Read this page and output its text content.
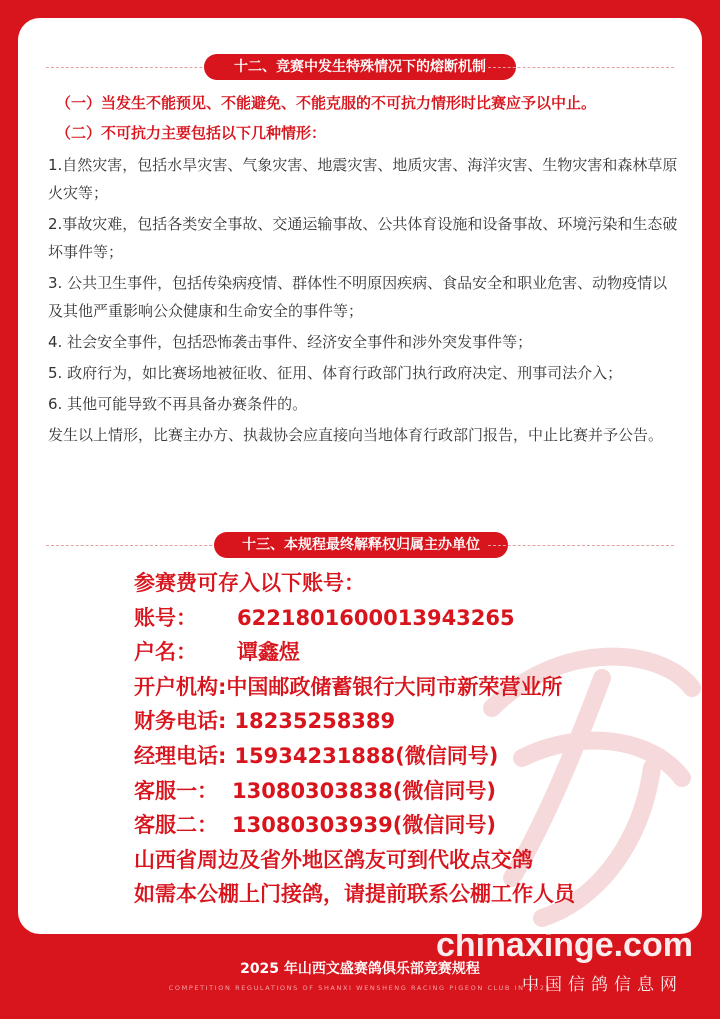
十二、竞赛中发生特殊情况下的熔断机制
（一）当发生不能预见、不能避免、不能克服的不可抗力情形时比赛应予以中止。
（二）不可抗力主要包括以下几种情形：

1.自然灾害，包括水旱灾害、气象灾害、地震灾害、地质灾害、海洋灾害、生物灾害和森林草原火灾等；

2.事故灾难，包括各类安全事故、交通运输事故、公共体育设施和设备事故、环境污染和生态破坏事件等；

3. 公共卫生事件，包括传染病疫情、群体性不明原因疾病、食品安全和职业危害、动物疫情以及其他严重影响公众健康和生命安全的事件等；

4. 社会安全事件，包括恐怖袭击事件、经济安全事件和涉外突发事件等；

5. 政府行为，如比赛场地被征收、征用、体育行政部门执行政府决定、刑事司法介入；

6. 其他可能导致不再具备办赛条件的。

发生以上情形，比赛主办方、执裁协会应直接向当地体育行政部门报告，中止比赛并予公告。

十三、本规程最终解释权归属主办单位
参赛费可存入以下账号：
账号： 6221801600013943265
户名： 谭鑫煜
开户机构:中国邮政储蓄银行大同市新荣营业所
财务电话: 18235258389
经理电话: 15934231888(微信同号)
客服一： 13080303838(微信同号)
客服二： 13080303939(微信同号)
山西省周边及省外地区鸽友可到代收点交鸽
如需本公棚上门接鸽，请提前联系公棚工作人员
2025 年山西文盛赛鸽俱乐部竞赛规程
COMPETITION REGULATIONS OF SHANXI WENSHENG RACING PIGEON CLUB IN 2025
chinaxinge.com
中国信鸽信息网
